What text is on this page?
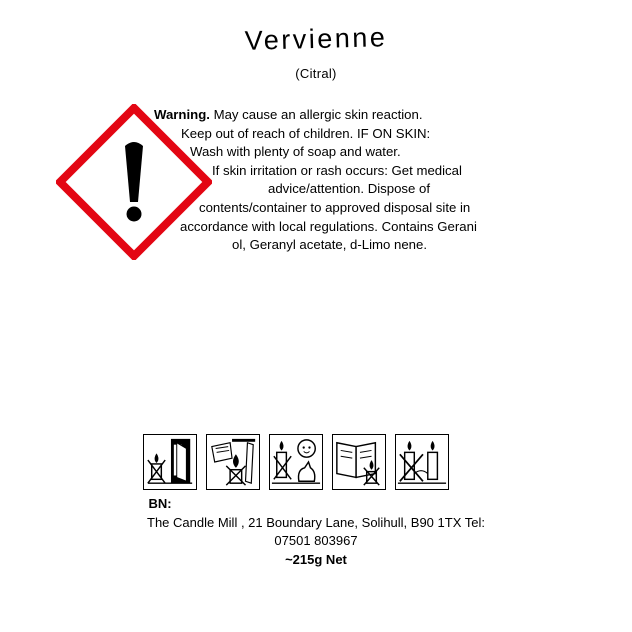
Vervienne
(Citral)
Warning. May cause an allergic skin reaction.
Keep out of reach of children. IF ON SKIN:
Wash with plenty of soap and water.
If skin irritation or rash occurs: Get medical
advice/attention. Dispose of
contents/container to approved disposal site in
accordance with local regulations. Contains Gerani
ol, Geranyl acetate, d-Limo nene.
BN:
The Candle Mill , 21 Boundary Lane, Solihull, B90 1TX Tel:
07501 803967
~215g Net
